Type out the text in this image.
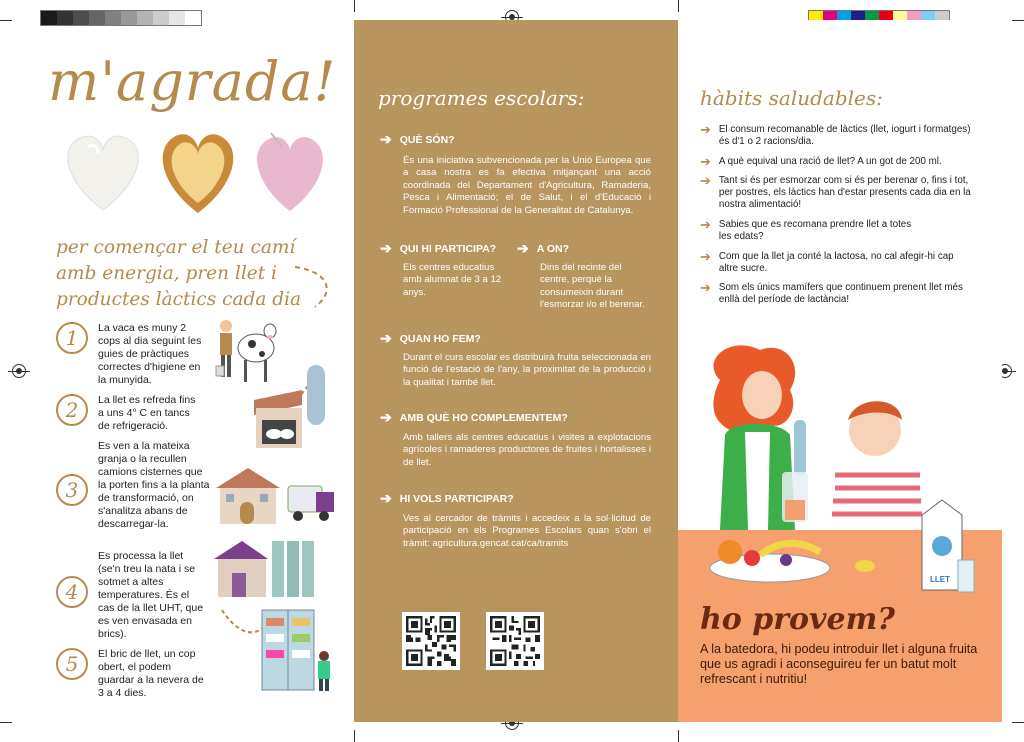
m'agrada!
per començar el teu camí amb energia, pren llet i productes làctics cada dia
1	La vaca es muny 2 cops al dia seguint les guies de pràctiques correctes d'higiene en la munyida.
2	La llet es refreda fins a uns 4° C en tancs de refrigeració.
3
Es ven a la mateixa granja o la recullen camions cisternes que la porten fins a la planta de transformació, on s'analitza abans de descarregar-la.
4
Es processa la llet (se'n treu la nata i se sotmet a altes temperatures. És el cas de la llet UHT, que es ven envasada en brics).
5	El bric de llet, un cop obert, el podem guardar a la nevera de 3 a 4 dies.
programes escolars:
➔ QUÈ SÓN?
És una iniciativa subvencionada per la Unió Europea que a casa nostra es fa efectiva mitjançant una acció coordinada del Departament d'Agricultura, Ramaderia, Pesca i Alimentació; el de Salut, i el d'Educació i Formació Professional de la Generalitat de Catalunya.
➔ QUI HI PARTICIPA?
Els centres educatius amb alumnat de 3 a 12 anys.
➔ A ON?
Dins del recinte del centre, perquè la consumeixin durant l'esmorzar i/o el berenar.
➔ QUAN HO FEM?
Durant el curs escolar es distribuirà fruita seleccionada en funció de l'estació de l'any, la proximitat de la producció i la qualitat i també llet.
➔ AMB QUÈ HO COMPLEMENTEM?
Amb tallers als centres educatius i visites a explotacions agrícoles i ramaderes productores de fruites i hortalisses i de llet.
➔ HI VOLS PARTICIPAR?
Ves al cercador de tràmits i accedeix a la sol·licitud de participació en els Programes Escolars quan s'obri el tràmit: agricultura.gencat.cat/ca/tramits
hàbits saludables:
➔ El consum recomanable de làctics (llet, iogurt i formatges) és d'1 o 2 racions/dia.
➔ A què equival una ració de llet? A un got de 200 ml.
➔ Tant si és per esmorzar com si és per berenar o, fins i tot, per postres, els làctics han d'estar presents cada dia en la nostra alimentació!
➔ Sabies que es recomana prendre llet a totes les edats?
➔ Com que la llet ja conté la lactosa, no cal afegir-hi cap altre sucre.
➔ Som els únics mamífers que continuem prenent llet més enllà del període de lactància!
LLET
ho provem?
A la batedora, hi podeu introduir llet i alguna fruita que us agradi i aconseguireu fer un batut molt refrescant i nutritiu!
